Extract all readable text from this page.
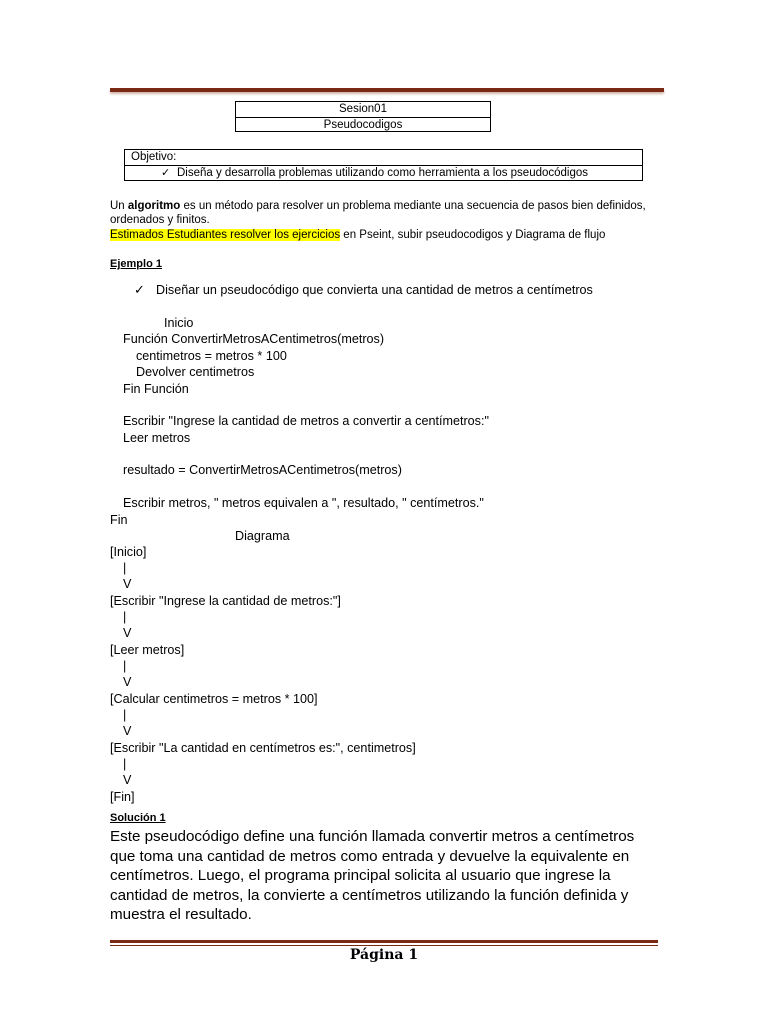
Sesion01
Pseudocodigos
Objetivo:
✓ Diseña y desarrolla problemas utilizando como herramienta a los pseudocódigos
Un algoritmo es un método para resolver un problema mediante una secuencia de pasos bien definidos, ordenados y finitos.
Estimados Estudiantes resolver los ejercicios en Pseint, subir pseudocodigos y Diagrama de flujo
Ejemplo 1
✓ Diseñar un pseudocódigo que convierta una cantidad de metros a centímetros
Inicio
Función ConvertirMetrosACentimetros(metros)
centimetros = metros * 100
Devolver centimetros
Fin Función
Escribir "Ingrese la cantidad de metros a convertir a centímetros:"
Leer metros
resultado = ConvertirMetrosACentimetros(metros)
Escribir metros, " metros equivalen a ", resultado, " centímetros."
Fin
Diagrama
[Inicio]
|
V
[Escribir "Ingrese la cantidad de metros:"]
|
V
[Leer metros]
|
V
[Calcular centimetros = metros * 100]
|
V
[Escribir "La cantidad en centímetros es:", centimetros]
|
V
[Fin]
Solución 1
Este pseudocódigo define una función llamada convertir metros a centímetros que toma una cantidad de metros como entrada y devuelve la equivalente en centímetros. Luego, el programa principal solicita al usuario que ingrese la cantidad de metros, la convierte a centímetros utilizando la función definida y muestra el resultado.
Página 1
